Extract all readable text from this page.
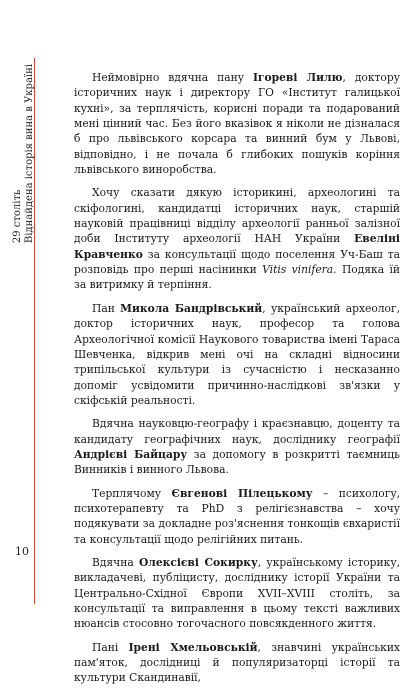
29 століть
Віднайдена історія вина в Україні
10

Неймовірно вдячна пану Ігореві Лилю, доктору історичних наук і директору ГО «Інститут галицької кухні», за терплячість, корисні поради та подарований мені цінний час. Без його вказівок я ніколи не дізналася б про львівського корсара та винний бум у Львові, відповідно, і не почала б глибоких пошуків коріння львівського виноробства.

Хочу сказати дякую історикині, археологині та скіфологині, кандидатці історичних наук, старшій науковій працівниці відділу археології ранньої залізної доби Інституту археології НАН України Евеліні Кравченко за консультації щодо поселення Уч-Баш та розповідь про перші насінинки Vitis vinifera. Подяка їй за витримку й терпіння.

Пан Микола Бандрівський, український археолог, доктор історичних наук, професор та голова Археологічної комісії Наукового товариства імені Тараса Шевченка, відкрив мені очі на складні відносини трипільської культури із сучасністю і несказанно допоміг усвідомити причинно-наслідкові зв'язки у скіфській реальності.

Вдячна науковцю-географу і краєзнавцю, доценту та кандидату географічних наук, досліднику географії Андрієві Байцару за допомогу в розкритті таємниць Винників і винного Львова.

Терплячому Євгенові Пілецькому – психологу, психотерапевту та PhD з релігієзнавства – хочу подякувати за докладне роз'яснення тонкощів євхаристії та консультації щодо релігійних питань.

Вдячна Олексієві Сокирку, українському історику, викладачеві, публіцисту, досліднику історії України та Центрально-Східної Європи XVII–XVIII століть, за консультації та виправлення в цьому тексті важливих нюансів стосовно тогочасного повсякденного життя.

Пані Ірені Хмельовській, знавчині українських пам'яток, дослідниці й популяризаторці історії та культури Скандинавії,
